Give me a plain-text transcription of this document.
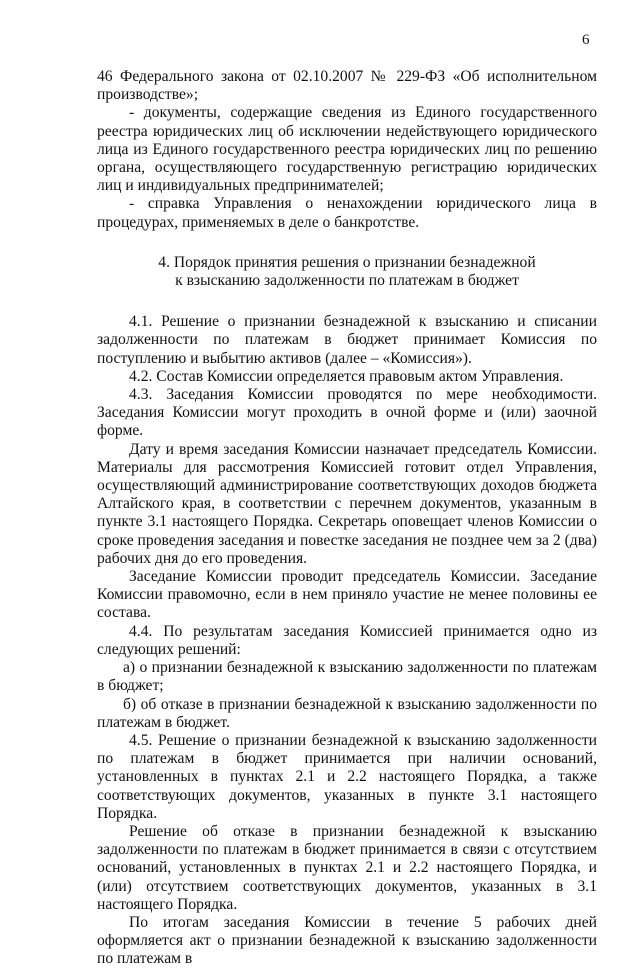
6

46 Федерального закона от 02.10.2007 № 229-ФЗ «Об исполнительном производстве»;

- документы, содержащие сведения из Единого государственного реестра юридических лиц об исключении недействующего юридического лица из Единого государственного реестра юридических лиц по решению органа, осуществляющего государственную регистрацию юридических лиц и индивидуальных предпринимателей;

- справка Управления о ненахождении юридического лица в процедурах, применяемых в деле о банкротстве.

4. Порядок принятия решения о признании безнадежной
к взысканию задолженности по платежам в бюджет

4.1. Решение о признании безнадежной к взысканию и списании задолженности по платежам в бюджет принимает Комиссия по поступлению и выбытию активов (далее – «Комиссия»).

4.2. Состав Комиссии определяется правовым актом Управления.

4.3. Заседания Комиссии проводятся по мере необходимости. Заседания Комиссии могут проходить в очной форме и (или) заочной форме.

Дату и время заседания Комиссии назначает председатель Комиссии. Материалы для рассмотрения Комиссией готовит отдел Управления, осуществляющий администрирование соответствующих доходов бюджета Алтайского края, в соответствии с перечнем документов, указанным в пункте 3.1 настоящего Порядка. Секретарь оповещает членов Комиссии о сроке проведения заседания и повестке заседания не позднее чем за 2 (два) рабочих дня до его проведения.

Заседание Комиссии проводит председатель Комиссии. Заседание Комиссии правомочно, если в нем приняло участие не менее половины ее состава.

4.4. По результатам заседания Комиссией принимается одно из следующих решений:

а) о признании безнадежной к взысканию задолженности по платежам в бюджет;

б) об отказе в признании безнадежной к взысканию задолженности по платежам в бюджет.

4.5. Решение о признании безнадежной к взысканию задолженности по платежам в бюджет принимается при наличии оснований, установленных в пунктах 2.1 и 2.2 настоящего Порядка, а также соответствующих документов, указанных в пункте 3.1 настоящего Порядка.

Решение об отказе в признании безнадежной к взысканию задолженности по платежам в бюджет принимается в связи с отсутствием оснований, установленных в пунктах 2.1 и 2.2 настоящего Порядка, и (или) отсутствием соответствующих документов, указанных в 3.1 настоящего Порядка.

По итогам заседания Комиссии в течение 5 рабочих дней оформляется акт о признании безнадежной к взысканию задолженности по платежам в
